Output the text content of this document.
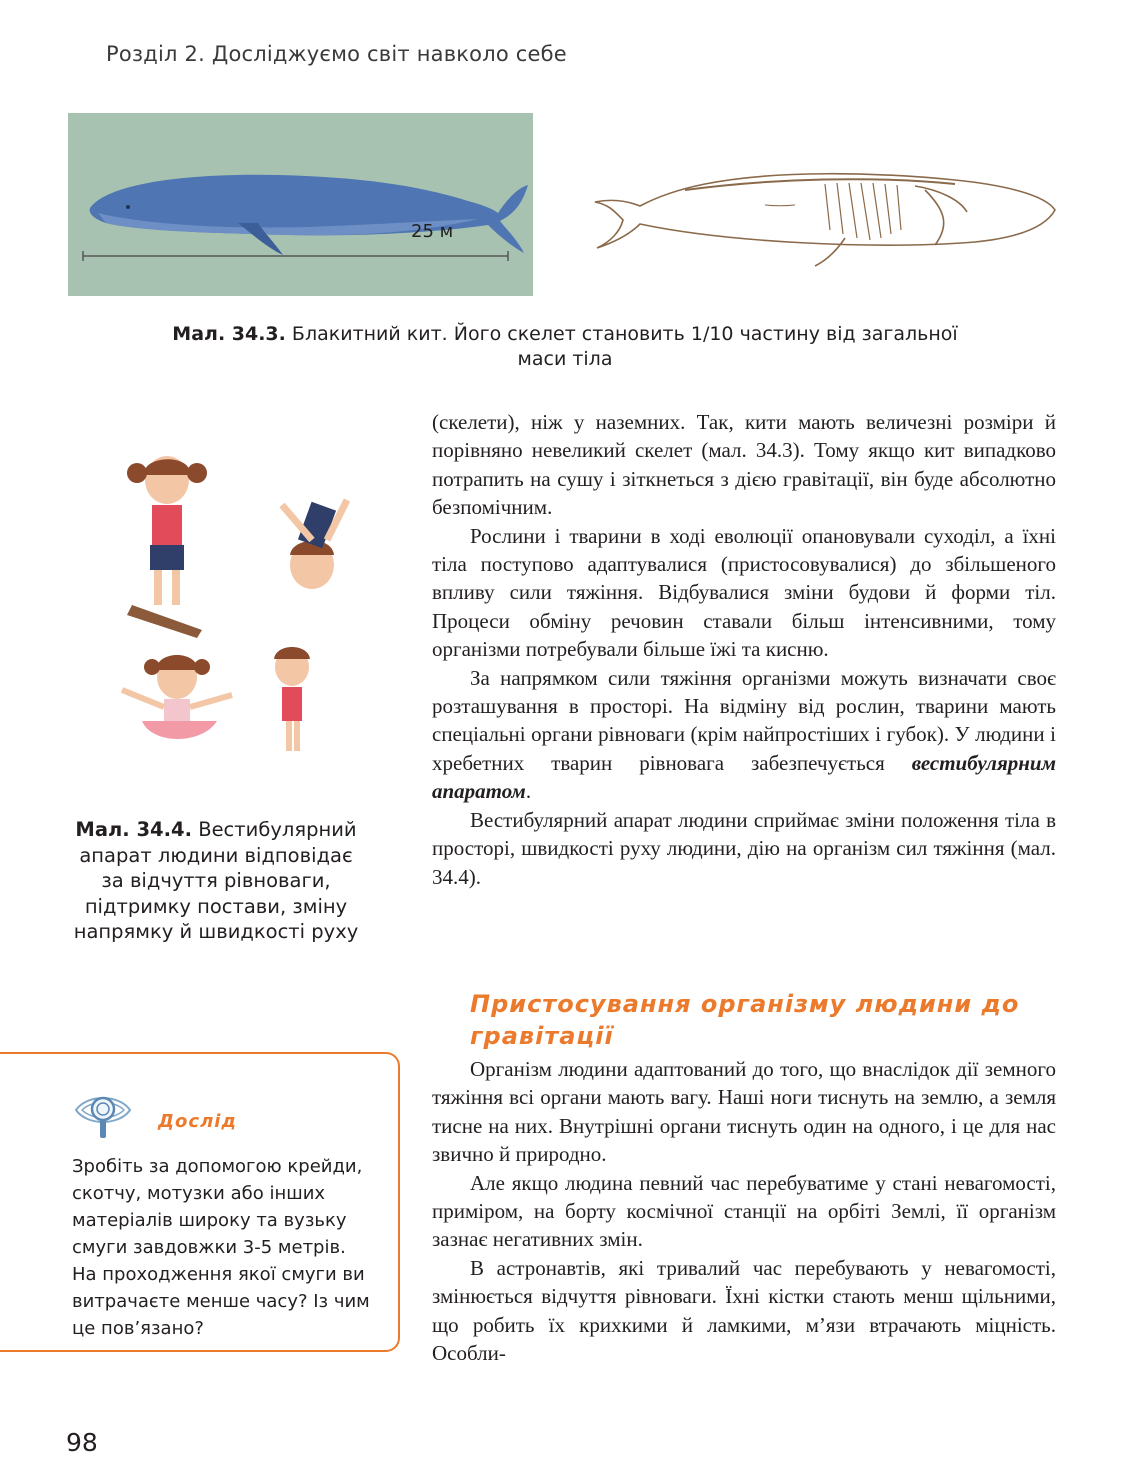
Розділ 2. Досліджуємо світ навколо себе
25 м
Мал. 34.3. Блакитний кит. Його скелет становить 1/10 частину від загальної маси тіла
Мал. 34.4. Вестибулярний апарат людини відповідає за відчуття рівноваги, підтримку постави, зміну напрямку й швидкості руху

(скелети), ніж у наземних. Так, кити мають величезні розміри й порівняно невеликий скелет (мал. 34.3). Тому якщо кит випадково потрапить на сушу і зіткнеться з дією гравітації, він буде абсолютно безпомічним.

Рослини і тварини в ході еволюції опановували суходіл, а їхні тіла поступово адаптувалися (пристосовувалися) до збільшеного впливу сили тяжіння. Відбувалися зміни будови й форми тіл. Процеси обміну речовин ставали більш інтенсивними, тому організми потребували більше їжі та кисню.

За напрямком сили тяжіння організми можуть визначати своє розташування в просторі. На відміну від рослин, тварини мають спеціальні органи рівноваги (крім найпростіших і губок). У людини і хребетних тварин рівновага забезпечується вестибулярним апаратом.

Вестибулярний апарат людини сприймає зміни положення тіла в просторі, швидкості руху людини, дію на організм сил тяжіння (мал. 34.4).

Пристосування організму людини до гравітації

Організм людини адаптований до того, що внаслідок дії земного тяжіння всі органи мають вагу. Наші ноги тиснуть на землю, а земля тисне на них. Внутрішні органи тиснуть один на одного, і це для нас звично й природно.

Але якщо людина певний час перебуватиме у стані невагомості, приміром, на борту космічної станції на орбіті Землі, її організм зазнає негативних змін.

В астронавтів, які тривалий час перебувають у невагомості, змінюється відчуття рівноваги. Їхні кістки стають менш щільними, що робить їх крихкими й ламкими, м’язи втрачають міцність. Особли-

Дослід
Зробіть за допомогою крейди, скотчу, мотузки або інших матеріалів широку та вузьку смуги завдовжки 3-5 метрів. На проходження якої смуги ви витрачаєте менше часу? Із чим це пов’язано?
98
